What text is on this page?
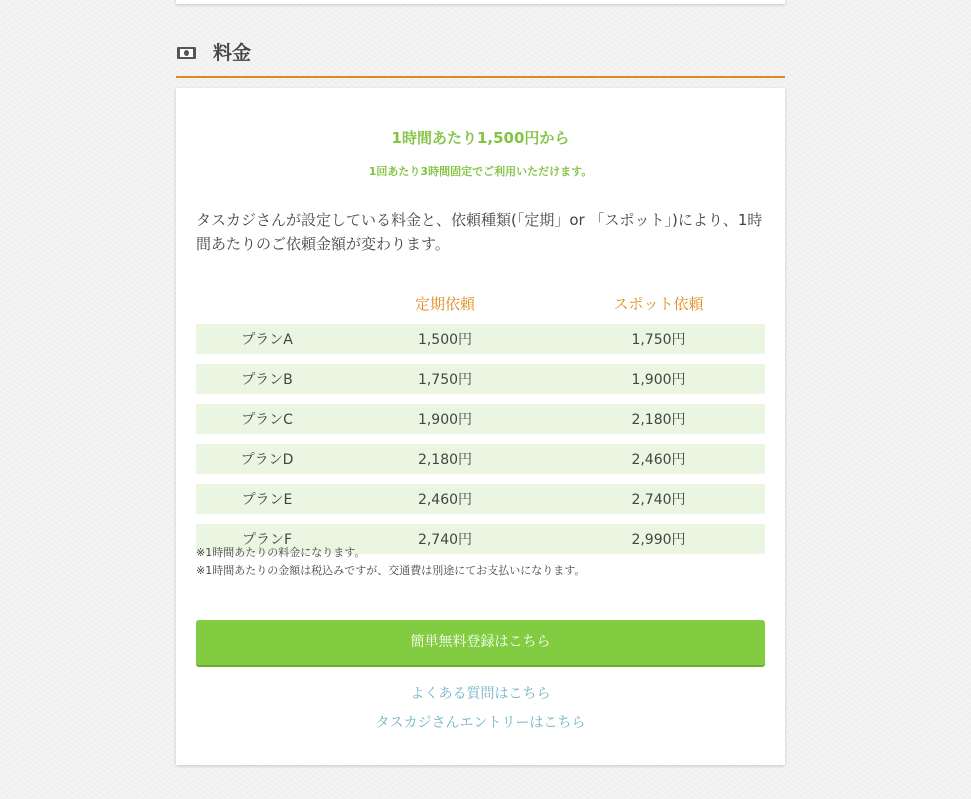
料金
1時間あたり1,500円から
1回あたり3時間固定でご利用いただけます。

タスカジさんが設定している料金と、依頼種類(「定期」or 「スポット」)により、1時間あたりのご依頼金額が変わります。

	定期依頼	スポット依頼
プランA	1,500円	1,750円
プランB	1,750円	1,900円
プランC	1,900円	2,180円
プランD	2,180円	2,460円
プランE	2,460円	2,740円
プランF	2,740円	2,990円
※1時間あたりの料金になります。
※1時間あたりの金額は税込みですが、交通費は別途にてお支払いになります。
簡単無料登録はこちら
よくある質問はこちら
タスカジさんエントリーはこちら
